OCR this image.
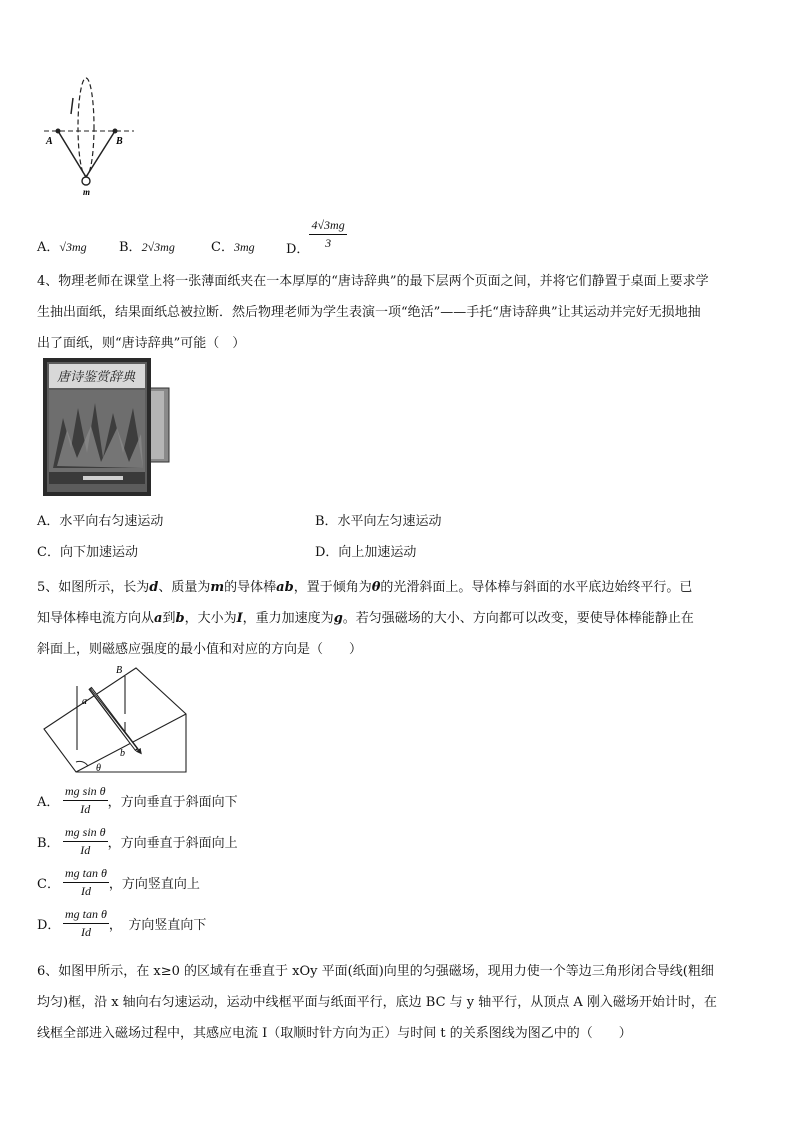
A	B
m
A．√3mg B．2√3mg	C．3mg D． $\frac{4√3mg}{3}$
4、物理老师在课堂上将一张薄面纸夹在一本厚厚的“唐诗辞典”的最下层两个页面之间，并将它们静置于桌面上要求学
生抽出面纸，结果面纸总被拉断．然后物理老师为学生表演一项“绝活”——手托“唐诗辞典”让其运动并完好无损地抽
出了面纸，则“唐诗辞典”可能（　）
唐诗鉴赏辞典
A．水平向右匀速运动	B．水平向左匀速运动
C．向下加速运动	D．向上加速运动
5、如图所示，长为d、质量为m的导体棒ab，置于倾角为θ的光滑斜面上。导体棒与斜面的水平底边始终平行。已
知导体棒电流方向从a到b，大小为I，重力加速度为g。若匀强磁场的大小、方向都可以改变，要使导体棒能静止在
斜面上，则磁感应强度的最小值和对应的方向是（　　）
B
a
b
θ
A． $\frac{\text{mg sin θ}}{Id}$ ，方向垂直于斜面向下
B． $\frac{\text{mg sin θ}}{Id}$ ，方向垂直于斜面向上
C． $\frac{\text{mg tan θ}}{Id}$ ，方向竖直向上
D． $\frac{\text{mg tan θ}}{Id}$ ，　方向竖直向下
6、如图甲所示，在 x≥0 的区域有在垂直于 xOy 平面(纸面)向里的匀强磁场，现用力使一个等边三角形闭合导线(粗细
均匀)框，沿 x 轴向右匀速运动，运动中线框平面与纸面平行，底边 BC 与 y 轴平行，从顶点 A 刚入磁场开始计时，在
线框全部进入磁场过程中，其感应电流 I（取顺时针方向为正）与时间 t 的关系图线为图乙中的（　　）
